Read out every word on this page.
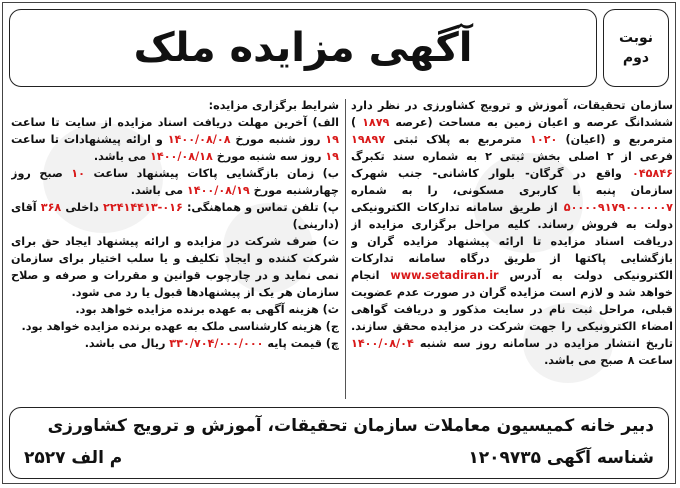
آگهی مزایده ملک	نوبت
دوم

سازمان تحقیقات، آموزش و ترویج کشاورزی در نظر دارد ششدانگ عرصه و اعیان زمین به مساحت (عرصه ۱۸۷۹ ) مترمربع و (اعیان) ۱۰۲۰ مترمربع به پلاک ثبتی ۱۹۸۹۷ فرعی از ۲ اصلی بخش ثبتی ۲ به شماره سند تکبرگ ۰۴۵۸۴۶ واقع در گرگان- بلوار کاشانی- جنب شهرک سازمان پنبه با کاربری مسکونی، را به شماره ۵۰۰۰۰۹۱۷۹۰۰۰۰۰۰۷ از طریق سامانه تدارکات الکترونیکی دولت به فروش رساند. کلیه مراحل برگزاری مزایده از دریافت اسناد مزایده تا ارائه پیشنهاد مزایده گران و بازگشایی پاکتها از طریق درگاه سامانه تدارکات الکترونیکی دولت به آدرس www.setadiran.ir انجام خواهد شد و لازم است مزایده گران در صورت عدم عضویت قبلی، مراحل ثبت نام در سایت مذکور و دریافت گواهی امضاء الکترونیکی را جهت شرکت در مزایده محقق سازند. تاریخ انتشار مزایده در سامانه روز سه شنبه ۱۴۰۰/۰۸/۰۴ ساعت ۸ صبح می باشد.

شرایط برگزاری مزایده:

الف) آخرین مهلت دریافت اسناد مزایده از سایت تا ساعت ۱۹ روز شنبه مورخ ۱۴۰۰/۰۸/۰۸ و ارائه پیشنهادات تا ساعت ۱۹ روز سه شنبه مورخ ۱۴۰۰/۰۸/۱۸ می باشد.

ب) زمان بازگشایی پاکات پیشنهاد ساعت ۱۰ صبح روز چهارشنبه مورخ ۱۴۰۰/۰۸/۱۹ می باشد.

پ) تلفن تماس و هماهنگی: ۰۱۶-۲۲۴۱۴۴۱۳ داخلی ۳۶۸ آقای (دارینی)

ت) صرف شرکت در مزایده و ارائه پیشنهاد ایجاد حق برای شرکت کننده و ایجاد تکلیف و یا سلب اختیار برای سازمان نمی نماید و در چارچوب قوانین و مقررات و صرفه و صلاح سازمان هر یک از پیشنهادها قبول یا رد می شود.

ث) هزینه آگهی به عهده برنده مزایده خواهد بود.

ج) هزینه کارشناسی ملک به عهده برنده مزایده خواهد بود.

چ) قیمت پایه ۳۳۰/۷۰۴/۰۰۰/۰۰۰ ریال می باشد.

دبیر خانه کمیسیون معاملات سازمان تحقیقات، آموزش و ترویج کشاورزی
شناسه آگهی ۱۲۰۹۷۳۵
م الف ۲۵۲۷
